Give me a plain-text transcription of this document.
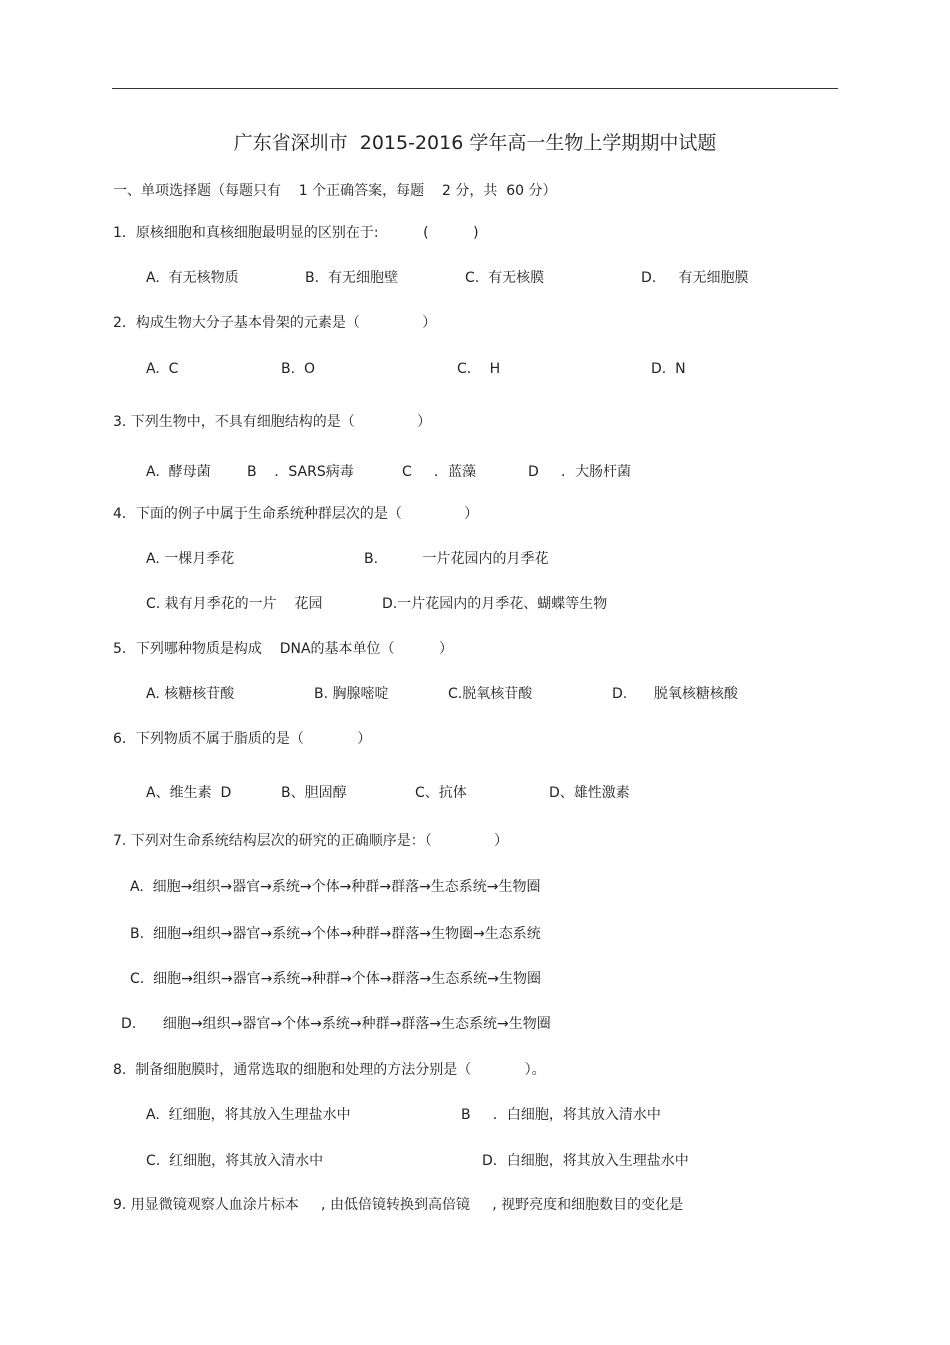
广东省深圳市  2015-2016 学年高一生物上学期期中试题
一、单项选择题（每题只有    1 个正确答案，每题    2 分，共  60 分）
1．原核细胞和真核细胞最明显的区别在于:          (          )
A.  有无核物质	B.  有无细胞壁	C.  有无核膜	D.     有无细胞膜
2．构成生物大分子基本骨架的元素是（              ）
A.  C	B.  O	C．  H	D.  N
3. 下列生物中，不具有细胞结构的是（              ）
A.  酵母菌	B    ．SARS病毒	C     ．蓝藻	D     ．大肠杆菌
4．下面的例子中属于生命系统种群层次的是（              ）
A. 一棵月季花	B.          一片花园内的月季花
C. 栽有月季花的一片    花园	D.一片花园内的月季花、蝴蝶等生物
5．下列哪种物质是构成    DNA的基本单位（          ）
A. 核糖核苷酸	B. 胸腺嘧啶	C.脱氧核苷酸	D.      脱氧核糖核酸
6．下列物质不属于脂质的是（            ）
A、维生素  D	B、胆固醇	C、抗体	D、雄性激素
7. 下列对生命系统结构层次的研究的正确顺序是：（              ）
A.  细胞→组织→器官→系统→个体→种群→群落→生态系统→生物圈
B.  细胞→组织→器官→系统→个体→种群→群落→生物圈→生态系统
C.  细胞→组织→器官→系统→种群→个体→群落→生态系统→生物圈
D.      细胞→组织→器官→个体→系统→种群→群落→生态系统→生物圈
8.  制备细胞膜时，通常选取的细胞和处理的方法分别是（            ）。
A.  红细胞，将其放入生理盐水中	B     ．白细胞，将其放入清水中
C.  红细胞，将其放入清水中	D．白细胞，将其放入生理盐水中
9. 用显微镜观察人血涂片标本     , 由低倍镜转换到高倍镜     , 视野亮度和细胞数目的变化是
